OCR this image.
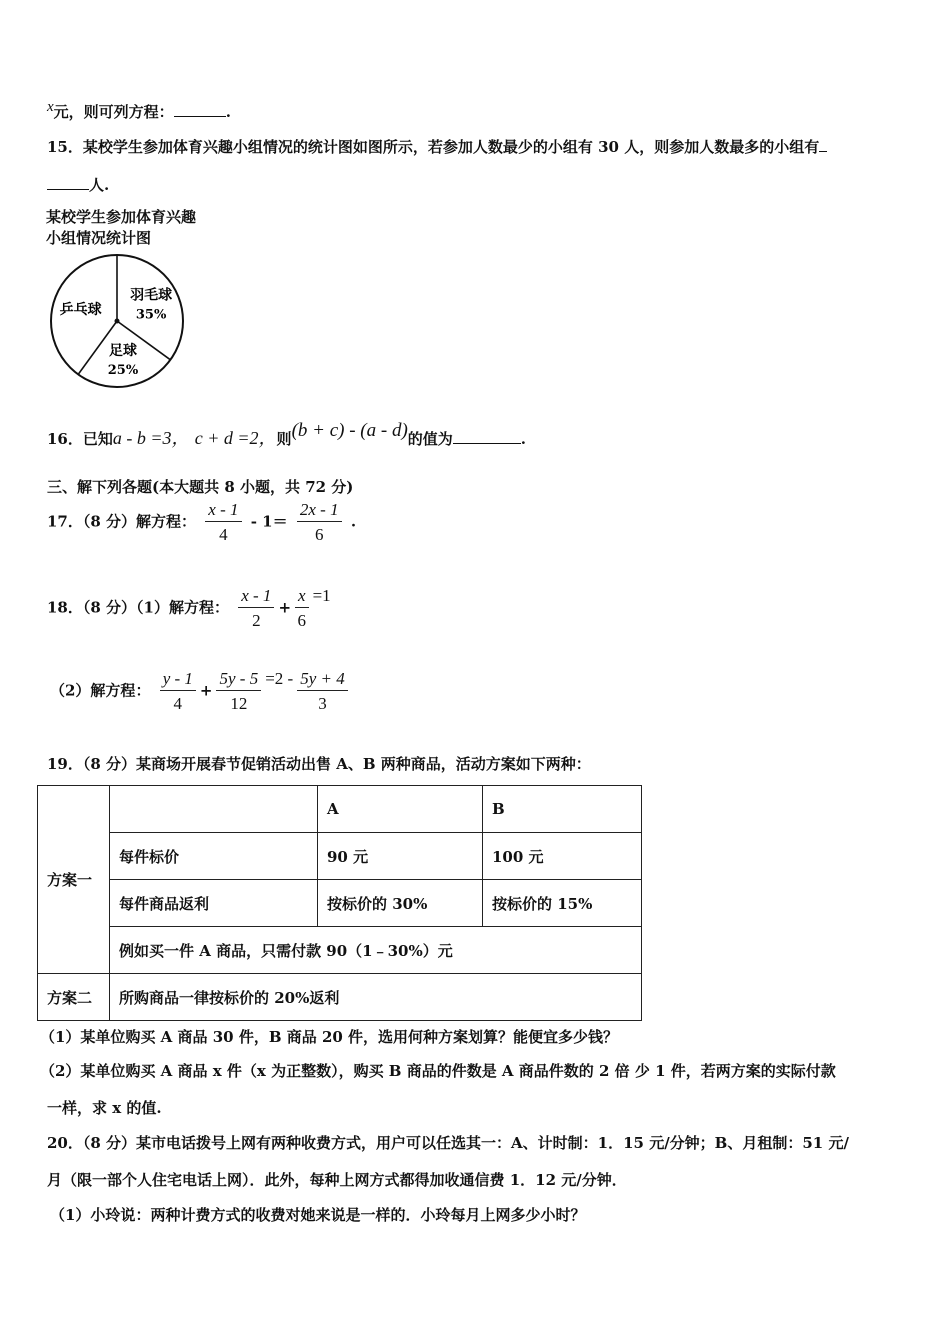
x元，则可列方程：	.
15．某校学生参加体育兴趣小组情况的统计图如图所示，若参加人数最少的小组有 30 人，则参加人数最多的小组有
人.
某校学生参加体育兴趣
小组情况统计图
羽毛球
35%
足球
25%
乒乓球
16．已知a - b =3， c + d =2，则(b + c) - (a - d)的值为	.
三、解下列各题(本大题共 8 小题，共 72 分)
17．（8 分）解方程： $\frac{x - 1}{4} - 1= \frac{2x - 1}{6}$ .
18．（8 分）（1）解方程： $\frac{x - 1}{2} + \frac{x}{6} =1$
（2）解方程： $\frac{y - 1}{4} + \frac{5y - 5}{12} =2 - \frac{5y + 4}{3}$
19．（8 分）某商场开展春节促销活动出售 A、B 两种商品，活动方案如下两种：
方案一		A	B
	每件标价	90 元	100 元
	每件商品返利	按标价的 30%	按标价的 15%
	例如买一件 A 商品，只需付款 90（1﹣30%）元		
方案二	所购商品一律按标价的 20%返利		
（1）某单位购买 A 商品 30 件，B 商品 20 件，选用何种方案划算？能便宜多少钱？
（2）某单位购买 A 商品 x 件（x 为正整数），购买 B 商品的件数是 A 商品件数的 2 倍 少 1 件，若两方案的实际付款
一样，求 x 的值.
20．（8 分）某市电话拨号上网有两种收费方式，用户可以任选其一：A、计时制：1．15 元/分钟；B、月租制：51 元/
月（限一部个人住宅电话上网）．此外，每种上网方式都得加收通信费 1．12 元/分钟．
（1）小玲说：两种计费方式的收费对她来说是一样的．小玲每月上网多少小时？
